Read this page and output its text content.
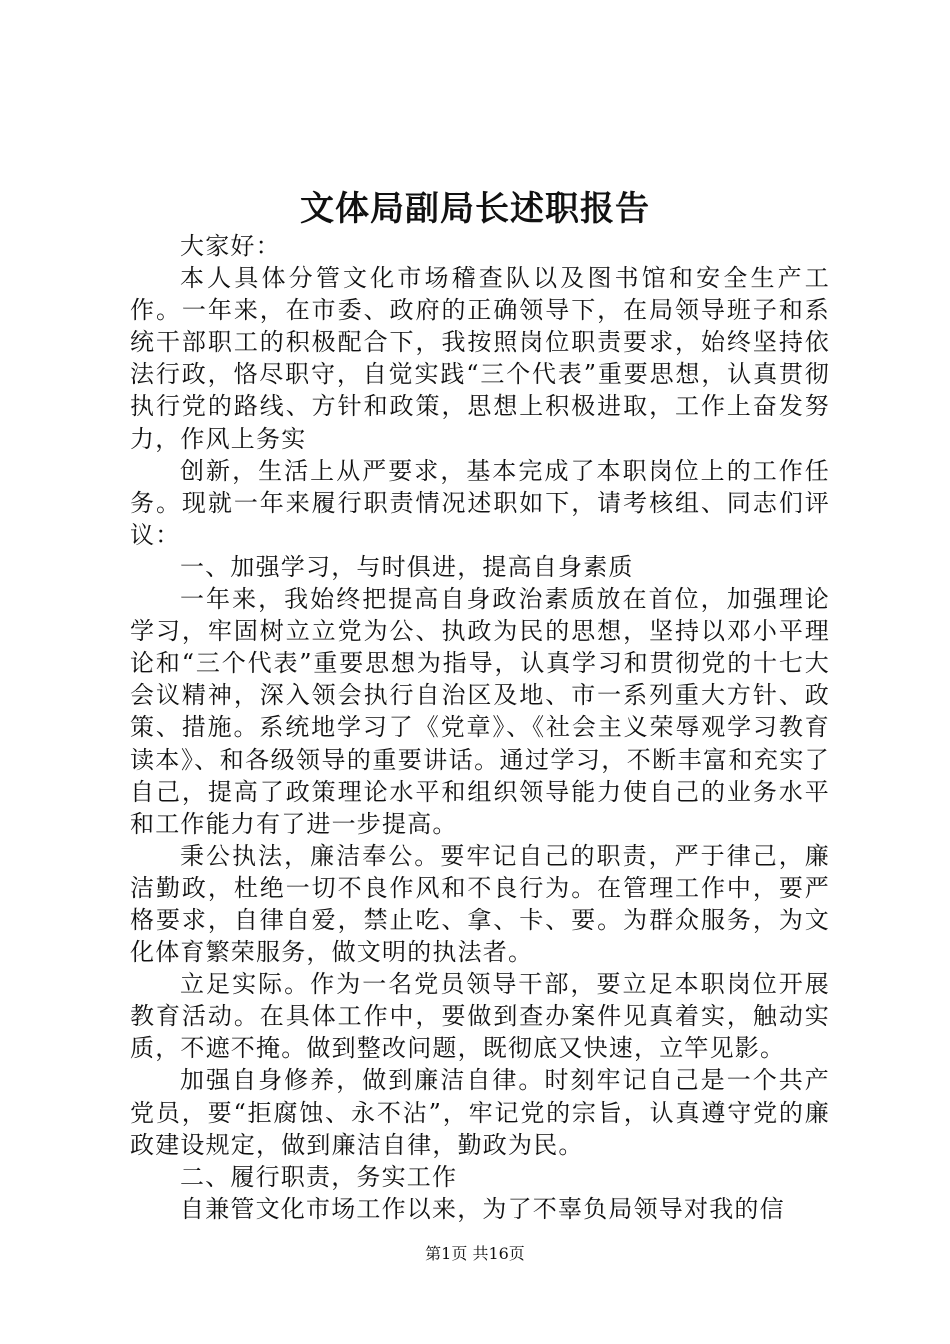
文体局副局长述职报告

大家好：

本人具体分管文化市场稽查队以及图书馆和安全生产工作。一年来，在市委、政府的正确领导下，在局领导班子和系统干部职工的积极配合下，我按照岗位职责要求，始终坚持依法行政，恪尽职守，自觉实践“三个代表”重要思想，认真贯彻执行党的路线、方针和政策，思想上积极进取，工作上奋发努力，作风上务实

创新，生活上从严要求，基本完成了本职岗位上的工作任务。现就一年来履行职责情况述职如下，请考核组、同志们评议：

一、加强学习，与时俱进，提高自身素质

一年来，我始终把提高自身政治素质放在首位，加强理论学习，牢固树立立党为公、执政为民的思想，坚持以邓小平理论和“三个代表”重要思想为指导，认真学习和贯彻党的十七大会议精神，深入领会执行自治区及地、市一系列重大方针、政策、措施。系统地学习了《党章》、《社会主义荣辱观学习教育读本》、和各级领导的重要讲话。通过学习，不断丰富和充实了自己，提高了政策理论水平和组织领导能力使自己的业务水平和工作能力有了进一步提高。

秉公执法，廉洁奉公。要牢记自己的职责，严于律己，廉洁勤政，杜绝一切不良作风和不良行为。在管理工作中，要严格要求，自律自爱，禁止吃、拿、卡、要。为群众服务，为文化体育繁荣服务，做文明的执法者。

立足实际。作为一名党员领导干部，要立足本职岗位开展教育活动。在具体工作中，要做到查办案件见真着实，触动实质，不遮不掩。做到整改问题，既彻底又快速，立竿见影。

加强自身修养，做到廉洁自律。时刻牢记自己是一个共产党员，要“拒腐蚀、永不沾”，牢记党的宗旨，认真遵守党的廉政建设规定，做到廉洁自律，勤政为民。

二、履行职责，务实工作

自兼管文化市场工作以来，为了不辜负局领导对我的信

第1页 共16页
